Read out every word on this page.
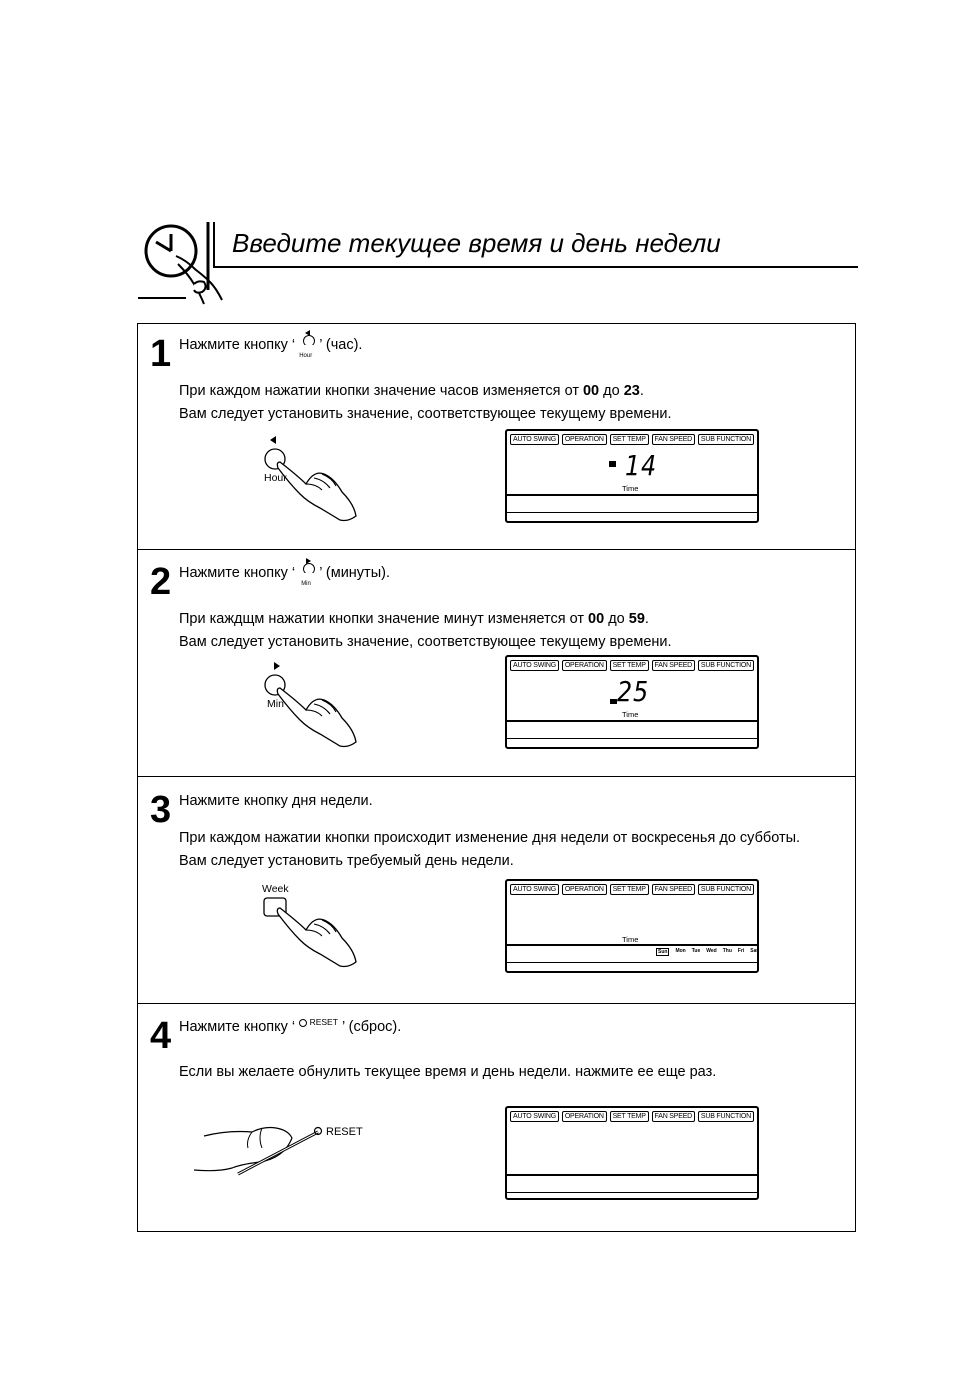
Введите текущее время и день недели
1 Нажмите кнопку ‘
Hour
’ (час).
При каждом нажатии кнопки значение часов изменяется от 00 до 23.
Вам следует установить значение, соответствующее текущему времени.
Hour
AUTO SWING	OPERATION	SET TEMP	FAN SPEED	SUB FUNCTION
14
Time
2 Нажмите кнопку ‘
Min
’ (минуты).
При каждщм нажатии кнопки значение минут изменяется от 00 до 59.
Вам следует установить значение, соответствующее текущему времени.
Min
AUTO SWING	OPERATION	SET TEMP	FAN SPEED	SUB FUNCTION
25
Time
3 Нажмите кнопку дня недели.
При каждом нажатии кнопки происходит изменение дня недели от воскресенья до субботы.
Вам следует установить требуемый день недели.
Week	AUTO SWING	OPERATION	SET TEMP	FAN SPEED	SUB FUNCTION
Time
Sun	Mon Tue Wed Thu Fri Sat
4 Нажмите кнопку ‘ RESET ’ (сброс).
Если вы желаете обнулить текущее время и день недели. нажмите ее еще раз.
RESET
AUTO SWING	OPERATION	SET TEMP	FAN SPEED	SUB FUNCTION
